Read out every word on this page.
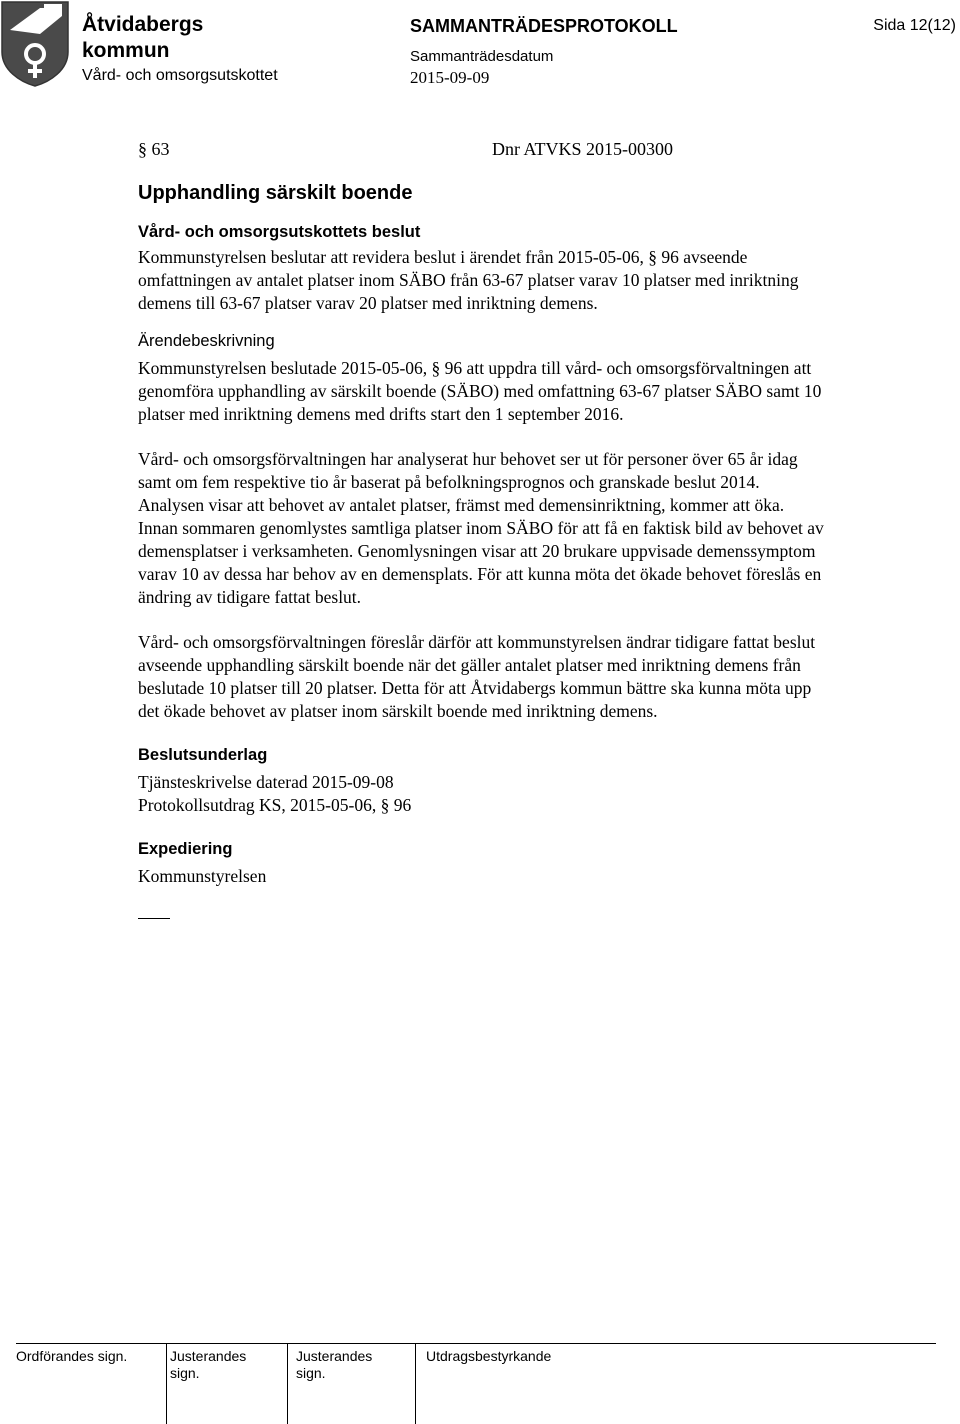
Åtvidabergs
kommun
Vård- och omsorgsutskottet
SAMMANTRÄDESPROTOKOLL
Sammanträdesdatum
2015-09-09
Sida 12(12)
§ 63	Dnr ATVKS 2015-00300
Upphandling särskilt boende
Vård- och omsorgsutskottets beslut

Kommunstyrelsen beslutar att revidera beslut i ärendet från 2015-05-06, § 96 avseende omfattningen av antalet platser inom SÄBO från 63-67 platser varav 10 platser med inriktning demens till 63-67 platser varav 20 platser med inriktning demens.

Ärendebeskrivning

Kommunstyrelsen beslutade 2015-05-06, § 96 att uppdra till vård- och omsorgsförvaltningen att genomföra upphandling av särskilt boende (SÄBO) med omfattning 63-67 platser SÄBO samt 10 platser med inriktning demens med drifts start den 1 september 2016.

Vård- och omsorgsförvaltningen har analyserat hur behovet ser ut för personer över 65 år idag samt om fem respektive tio år baserat på befolkningsprognos och granskade beslut 2014. Analysen visar att behovet av antalet platser, främst med demensinriktning, kommer att öka. Innan sommaren genomlystes samtliga platser inom SÄBO för att få en faktisk bild av behovet av demensplatser i verksamheten. Genomlysningen visar att 20 brukare uppvisade demenssymptom varav 10 av dessa har behov av en demensplats. För att kunna möta det ökade behovet föreslås en ändring av tidigare fattat beslut.

Vård- och omsorgsförvaltningen föreslår därför att kommunstyrelsen ändrar tidigare fattat beslut avseende upphandling särskilt boende när det gäller antalet platser med inriktning demens från beslutade 10 platser till 20 platser. Detta för att Åtvidabergs kommun bättre ska kunna möta upp det ökade behovet av platser inom särskilt boende med inriktning demens.

Beslutsunderlag

Tjänsteskrivelse daterad 2015-09-08

Protokollsutdrag KS, 2015-05-06, § 96

Expediering

Kommunstyrelsen

Ordförandes sign.	Justerandes
sign.
Justerandes
sign.
Utdragsbestyrkande
